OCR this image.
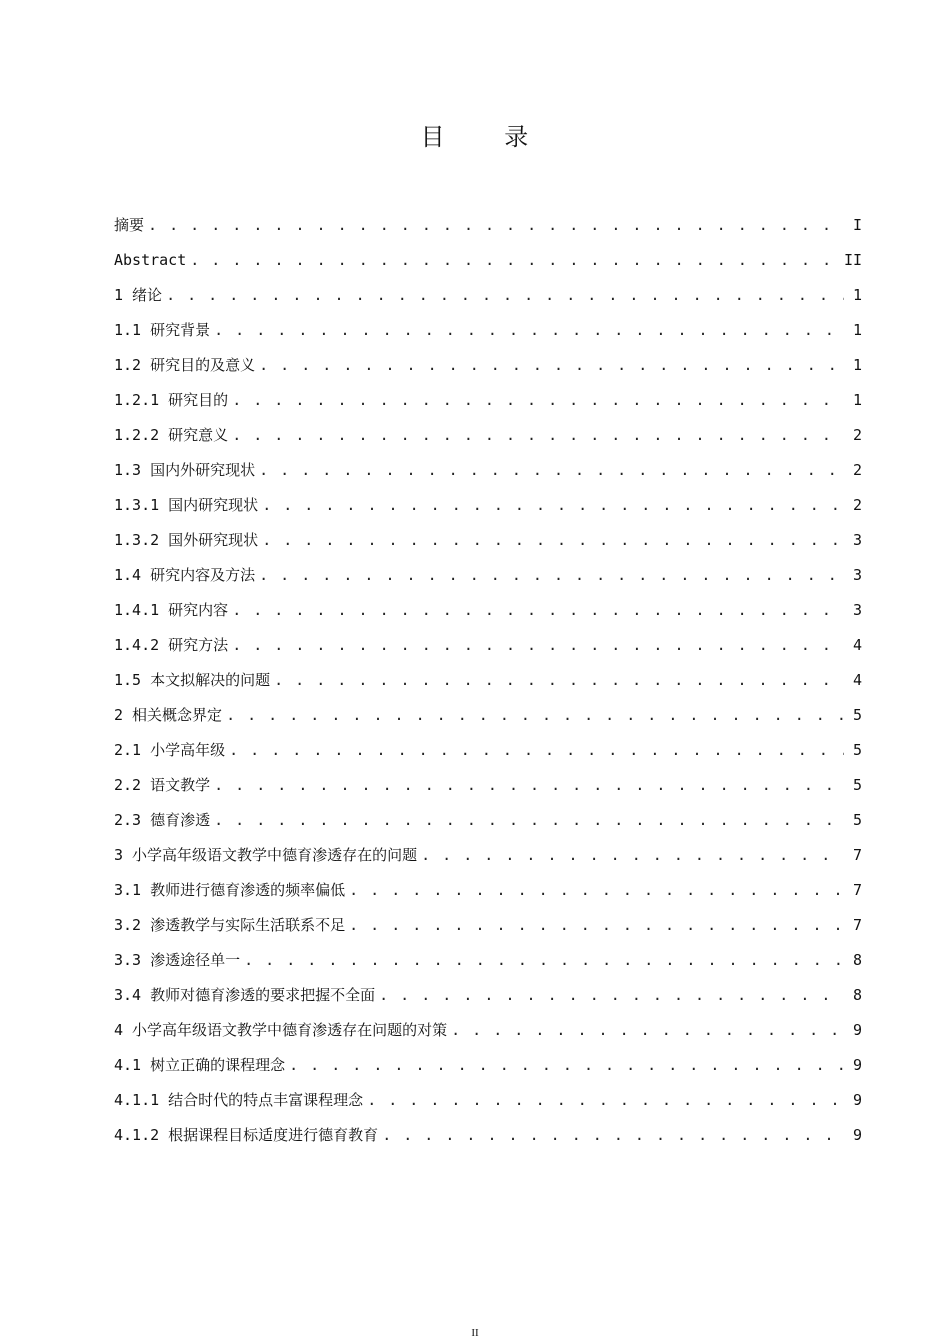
目 录
摘要 . . .	I
Abstract . . .	II
1 绪论 . . .	1
1.1 研究背景 . . .	1
1.2 研究目的及意义 . . .	1
1.2.1 研究目的 . . .	1
1.2.2 研究意义 . . .	2
1.3 国内外研究现状 . . .	2
1.3.1 国内研究现状 . . .	2
1.3.2 国外研究现状 . . .	3
1.4 研究内容及方法 . . .	3
1.4.1 研究内容 . . .	3
1.4.2 研究方法 . . .	4
1.5 本文拟解决的问题 . . .	4
2 相关概念界定 . . .	5
2.1 小学高年级 . . .	5
2.2 语文教学 . . .	5
2.3 德育渗透 . . .	5
3 小学高年级语文教学中德育渗透存在的问题 . . .	7
3.1 教师进行德育渗透的频率偏低 . . .	7
3.2 渗透教学与实际生活联系不足 . . .	7
3.3 渗透途径单一 . . .	8
3.4 教师对德育渗透的要求把握不全面 . . .	8
4 小学高年级语文教学中德育渗透存在问题的对策 . . .	9
4.1 树立正确的课程理念 . . .	9
4.1.1 结合时代的特点丰富课程理念 . . .	9
4.1.2 根据课程目标适度进行德育教育 . . .	9
II
